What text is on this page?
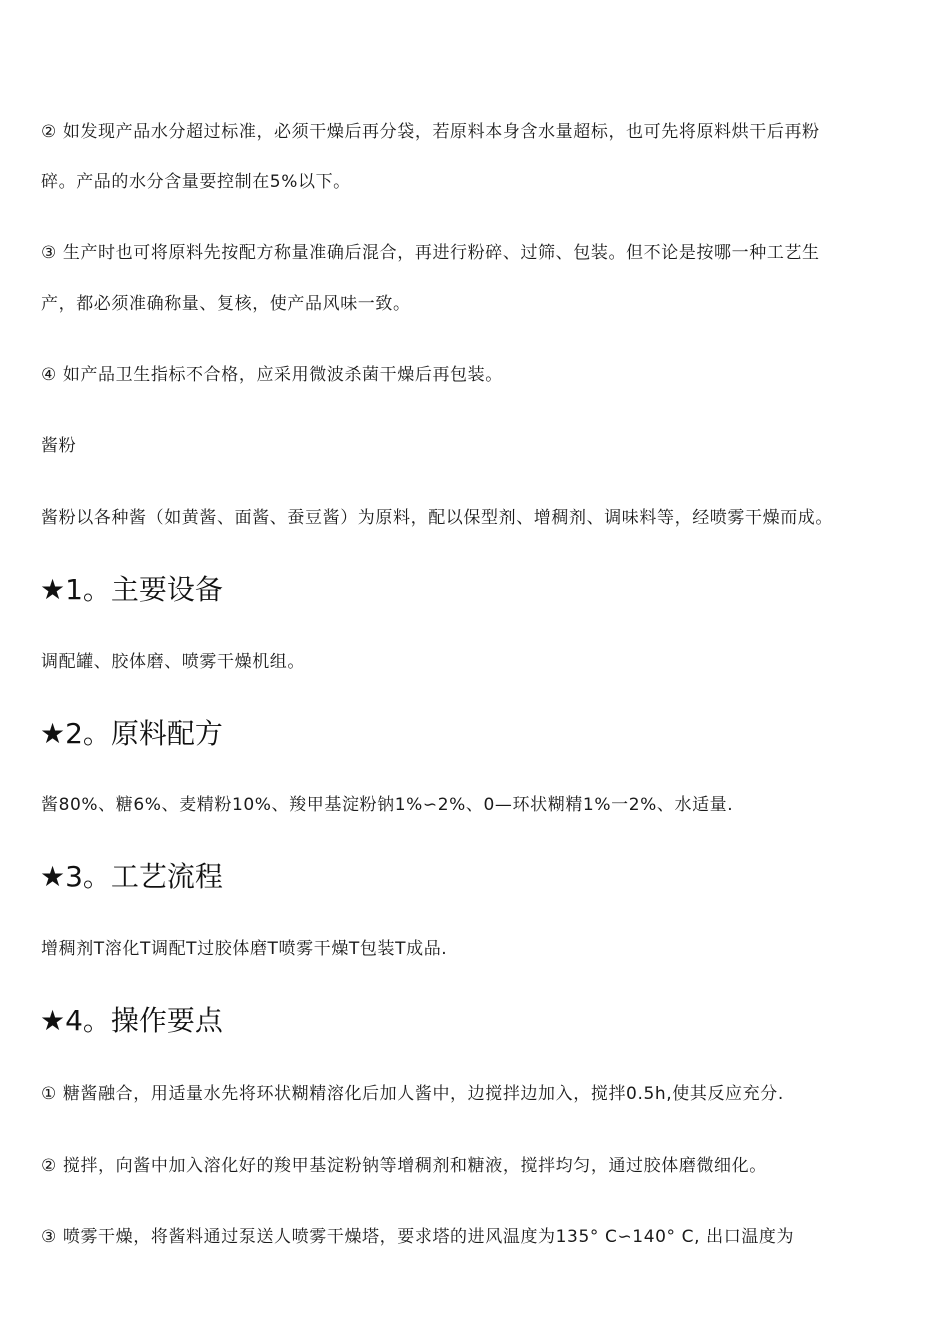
② 如发现产品水分超过标准，必须干燥后再分袋，若原料本身含水量超标，也可先将原料烘干后再粉
碎。产品的水分含量要控制在5%以下。
③ 生产时也可将原料先按配方称量准确后混合，再进行粉碎、过筛、包装。但不论是按哪一种工艺生
产，都必须准确称量、复核，使产品风味一致。
④ 如产品卫生指标不合格，应采用微波杀菌干燥后再包装。
酱粉
酱粉以各种酱（如黄酱、面酱、蚕豆酱）为原料，配以保型剂、增稠剂、调味料等，经喷雾干燥而成。
★1。主要设备
调配罐、胶体磨、喷雾干燥机组。
★2。原料配方
酱80%、糖6%、麦精粉10%、羧甲基淀粉钠1%∽2%、0—环状糊精1%一2%、水适量.
★3。工艺流程
增稠剂T溶化T调配T过胶体磨T喷雾干燥T包装T成品.
★4。操作要点
① 糖酱融合，用适量水先将环状糊精溶化后加人酱中，边搅拌边加入，搅拌0.5h,使其反应充分.
② 搅拌，向酱中加入溶化好的羧甲基淀粉钠等增稠剂和糖液，搅拌均匀，通过胶体磨微细化。
③ 喷雾干燥，将酱料通过泵送人喷雾干燥塔，要求塔的进风温度为135° C∽140° C, 出口温度为
